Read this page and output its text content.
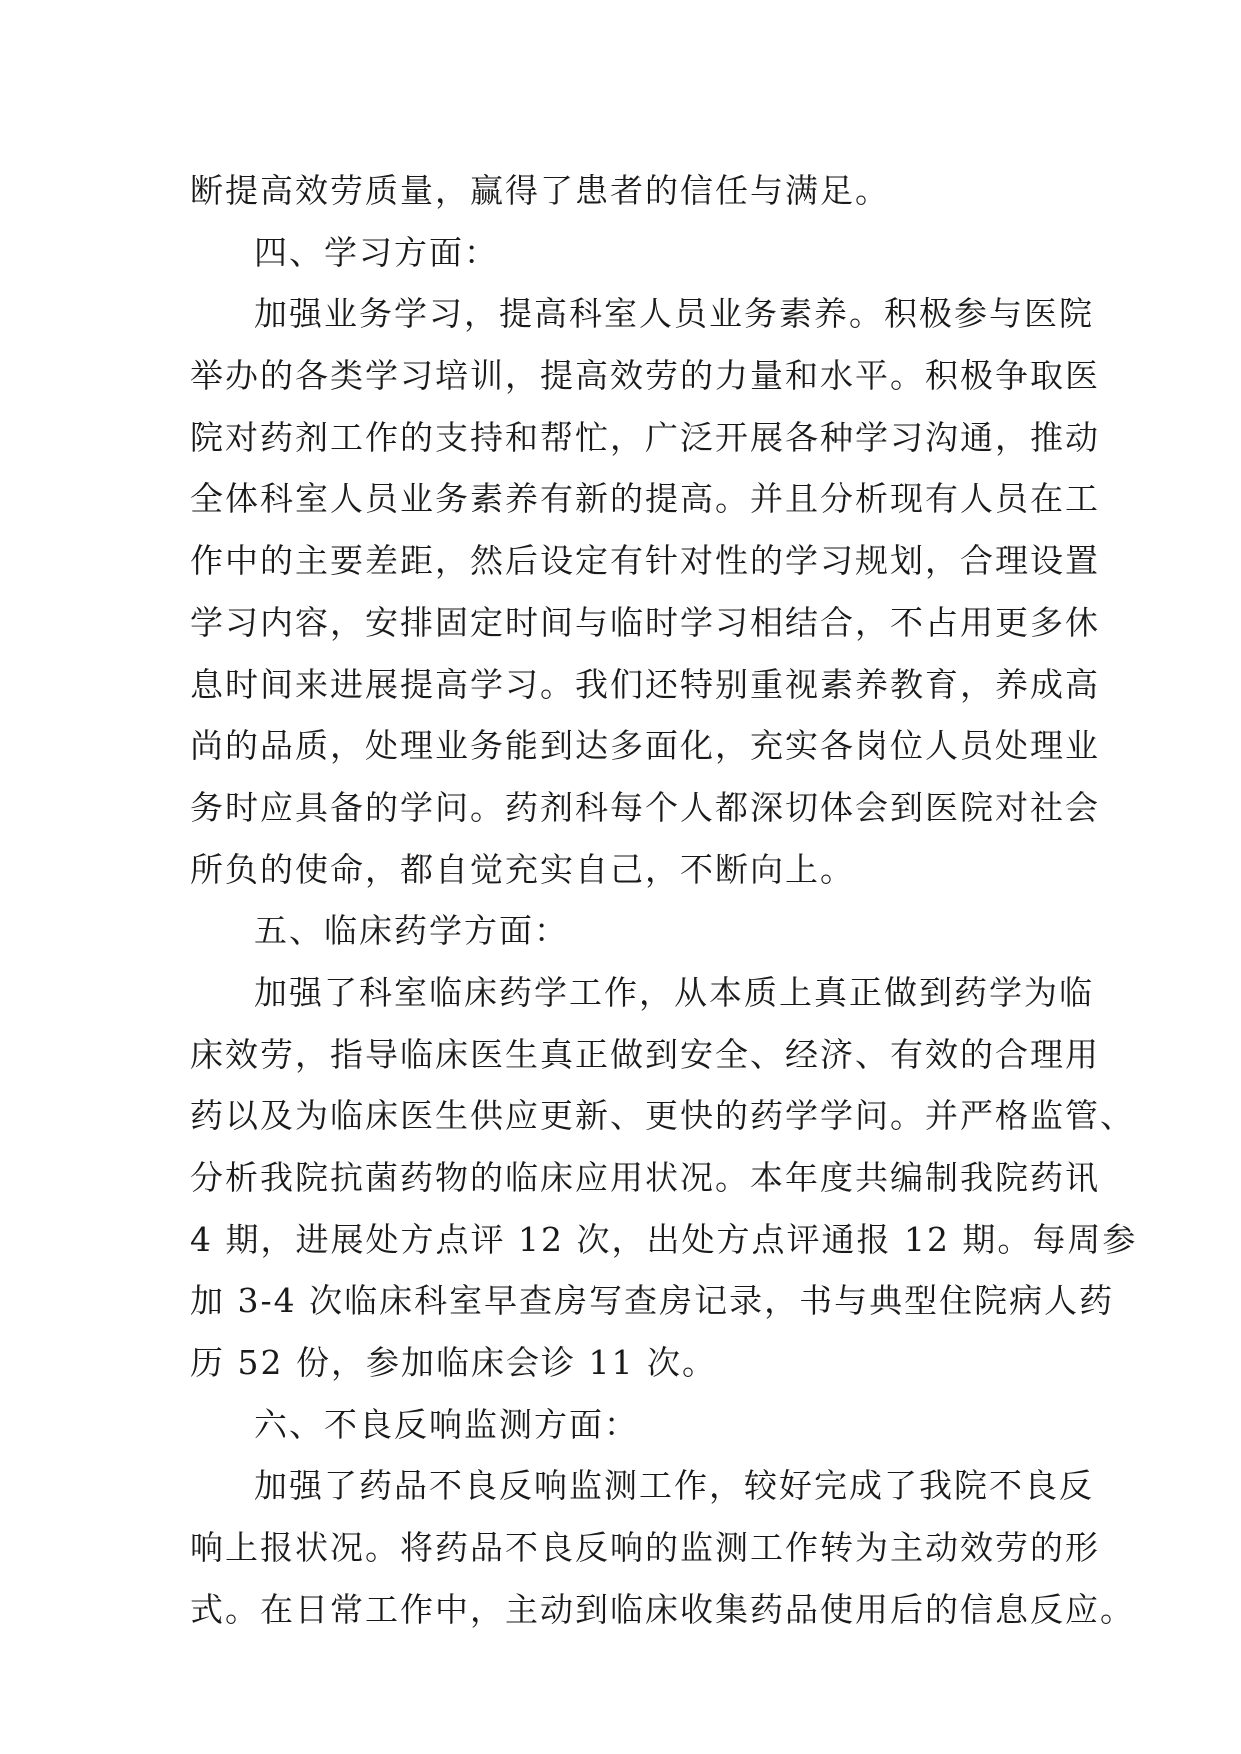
断提高效劳质量，赢得了患者的信任与满足。
四、学习方面：
加强业务学习，提高科室人员业务素养。积极参与医院
举办的各类学习培训，提高效劳的力量和水平。积极争取医
院对药剂工作的支持和帮忙，广泛开展各种学习沟通，推动
全体科室人员业务素养有新的提高。并且分析现有人员在工
作中的主要差距，然后设定有针对性的学习规划，合理设置
学习内容，安排固定时间与临时学习相结合，不占用更多休
息时间来进展提高学习。我们还特别重视素养教育，养成高
尚的品质，处理业务能到达多面化，充实各岗位人员处理业
务时应具备的学问。药剂科每个人都深切体会到医院对社会
所负的使命，都自觉充实自己，不断向上。
五、临床药学方面：
加强了科室临床药学工作，从本质上真正做到药学为临
床效劳，指导临床医生真正做到安全、经济、有效的合理用
药以及为临床医生供应更新、更快的药学学问。并严格监管、
分析我院抗菌药物的临床应用状况。本年度共编制我院药讯
4 期，进展处方点评 12 次，出处方点评通报 12 期。每周参
加 3-4 次临床科室早查房写查房记录，书与典型住院病人药
历 52 份，参加临床会诊 11 次。
六、不良反响监测方面：
加强了药品不良反响监测工作，较好完成了我院不良反
响上报状况。将药品不良反响的监测工作转为主动效劳的形
式。在日常工作中，主动到临床收集药品使用后的信息反应。
